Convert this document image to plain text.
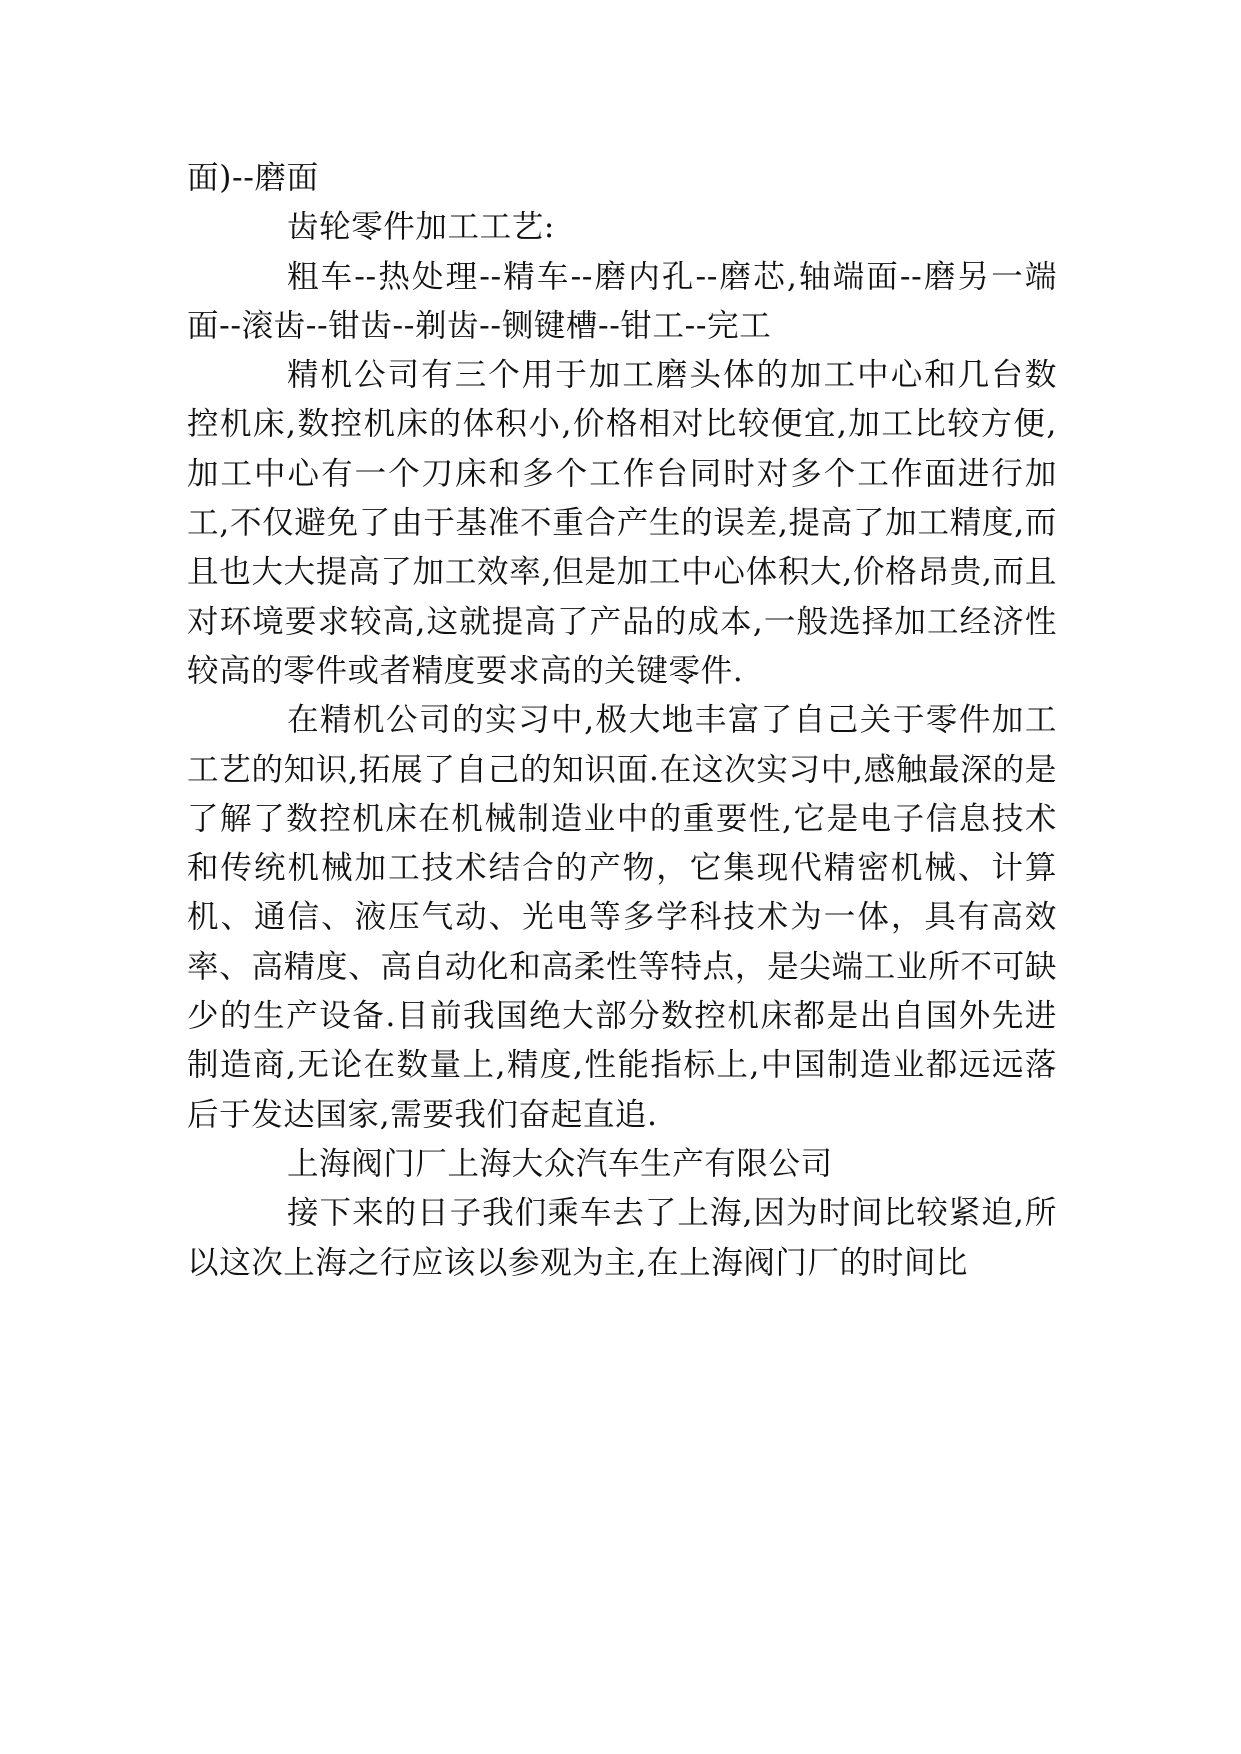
面)--磨面

齿轮零件加工工艺:

粗车--热处理--精车--磨内孔--磨芯,轴端面--磨另一端面--滚齿--钳齿--剃齿--铡键槽--钳工--完工

精机公司有三个用于加工磨头体的加工中心和几台数控机床,数控机床的体积小,价格相对比较便宜,加工比较方便,加工中心有一个刀床和多个工作台同时对多个工作面进行加工,不仅避免了由于基准不重合产生的误差,提高了加工精度,而且也大大提高了加工效率,但是加工中心体积大,价格昂贵,而且对环境要求较高,这就提高了产品的成本,一般选择加工经济性较高的零件或者精度要求高的关键零件.

在精机公司的实习中,极大地丰富了自己关于零件加工工艺的知识,拓展了自己的知识面.在这次实习中,感触最深的是了解了数控机床在机械制造业中的重要性,它是电子信息技术和传统机械加工技术结合的产物，它集现代精密机械、计算机、通信、液压气动、光电等多学科技术为一体，具有高效率、高精度、高自动化和高柔性等特点，是尖端工业所不可缺少的生产设备.目前我国绝大部分数控机床都是出自国外先进制造商,无论在数量上,精度,性能指标上,中国制造业都远远落后于发达国家,需要我们奋起直追.

上海阀门厂上海大众汽车生产有限公司

接下来的日子我们乘车去了上海,因为时间比较紧迫,所以这次上海之行应该以参观为主,在上海阀门厂的时间比
